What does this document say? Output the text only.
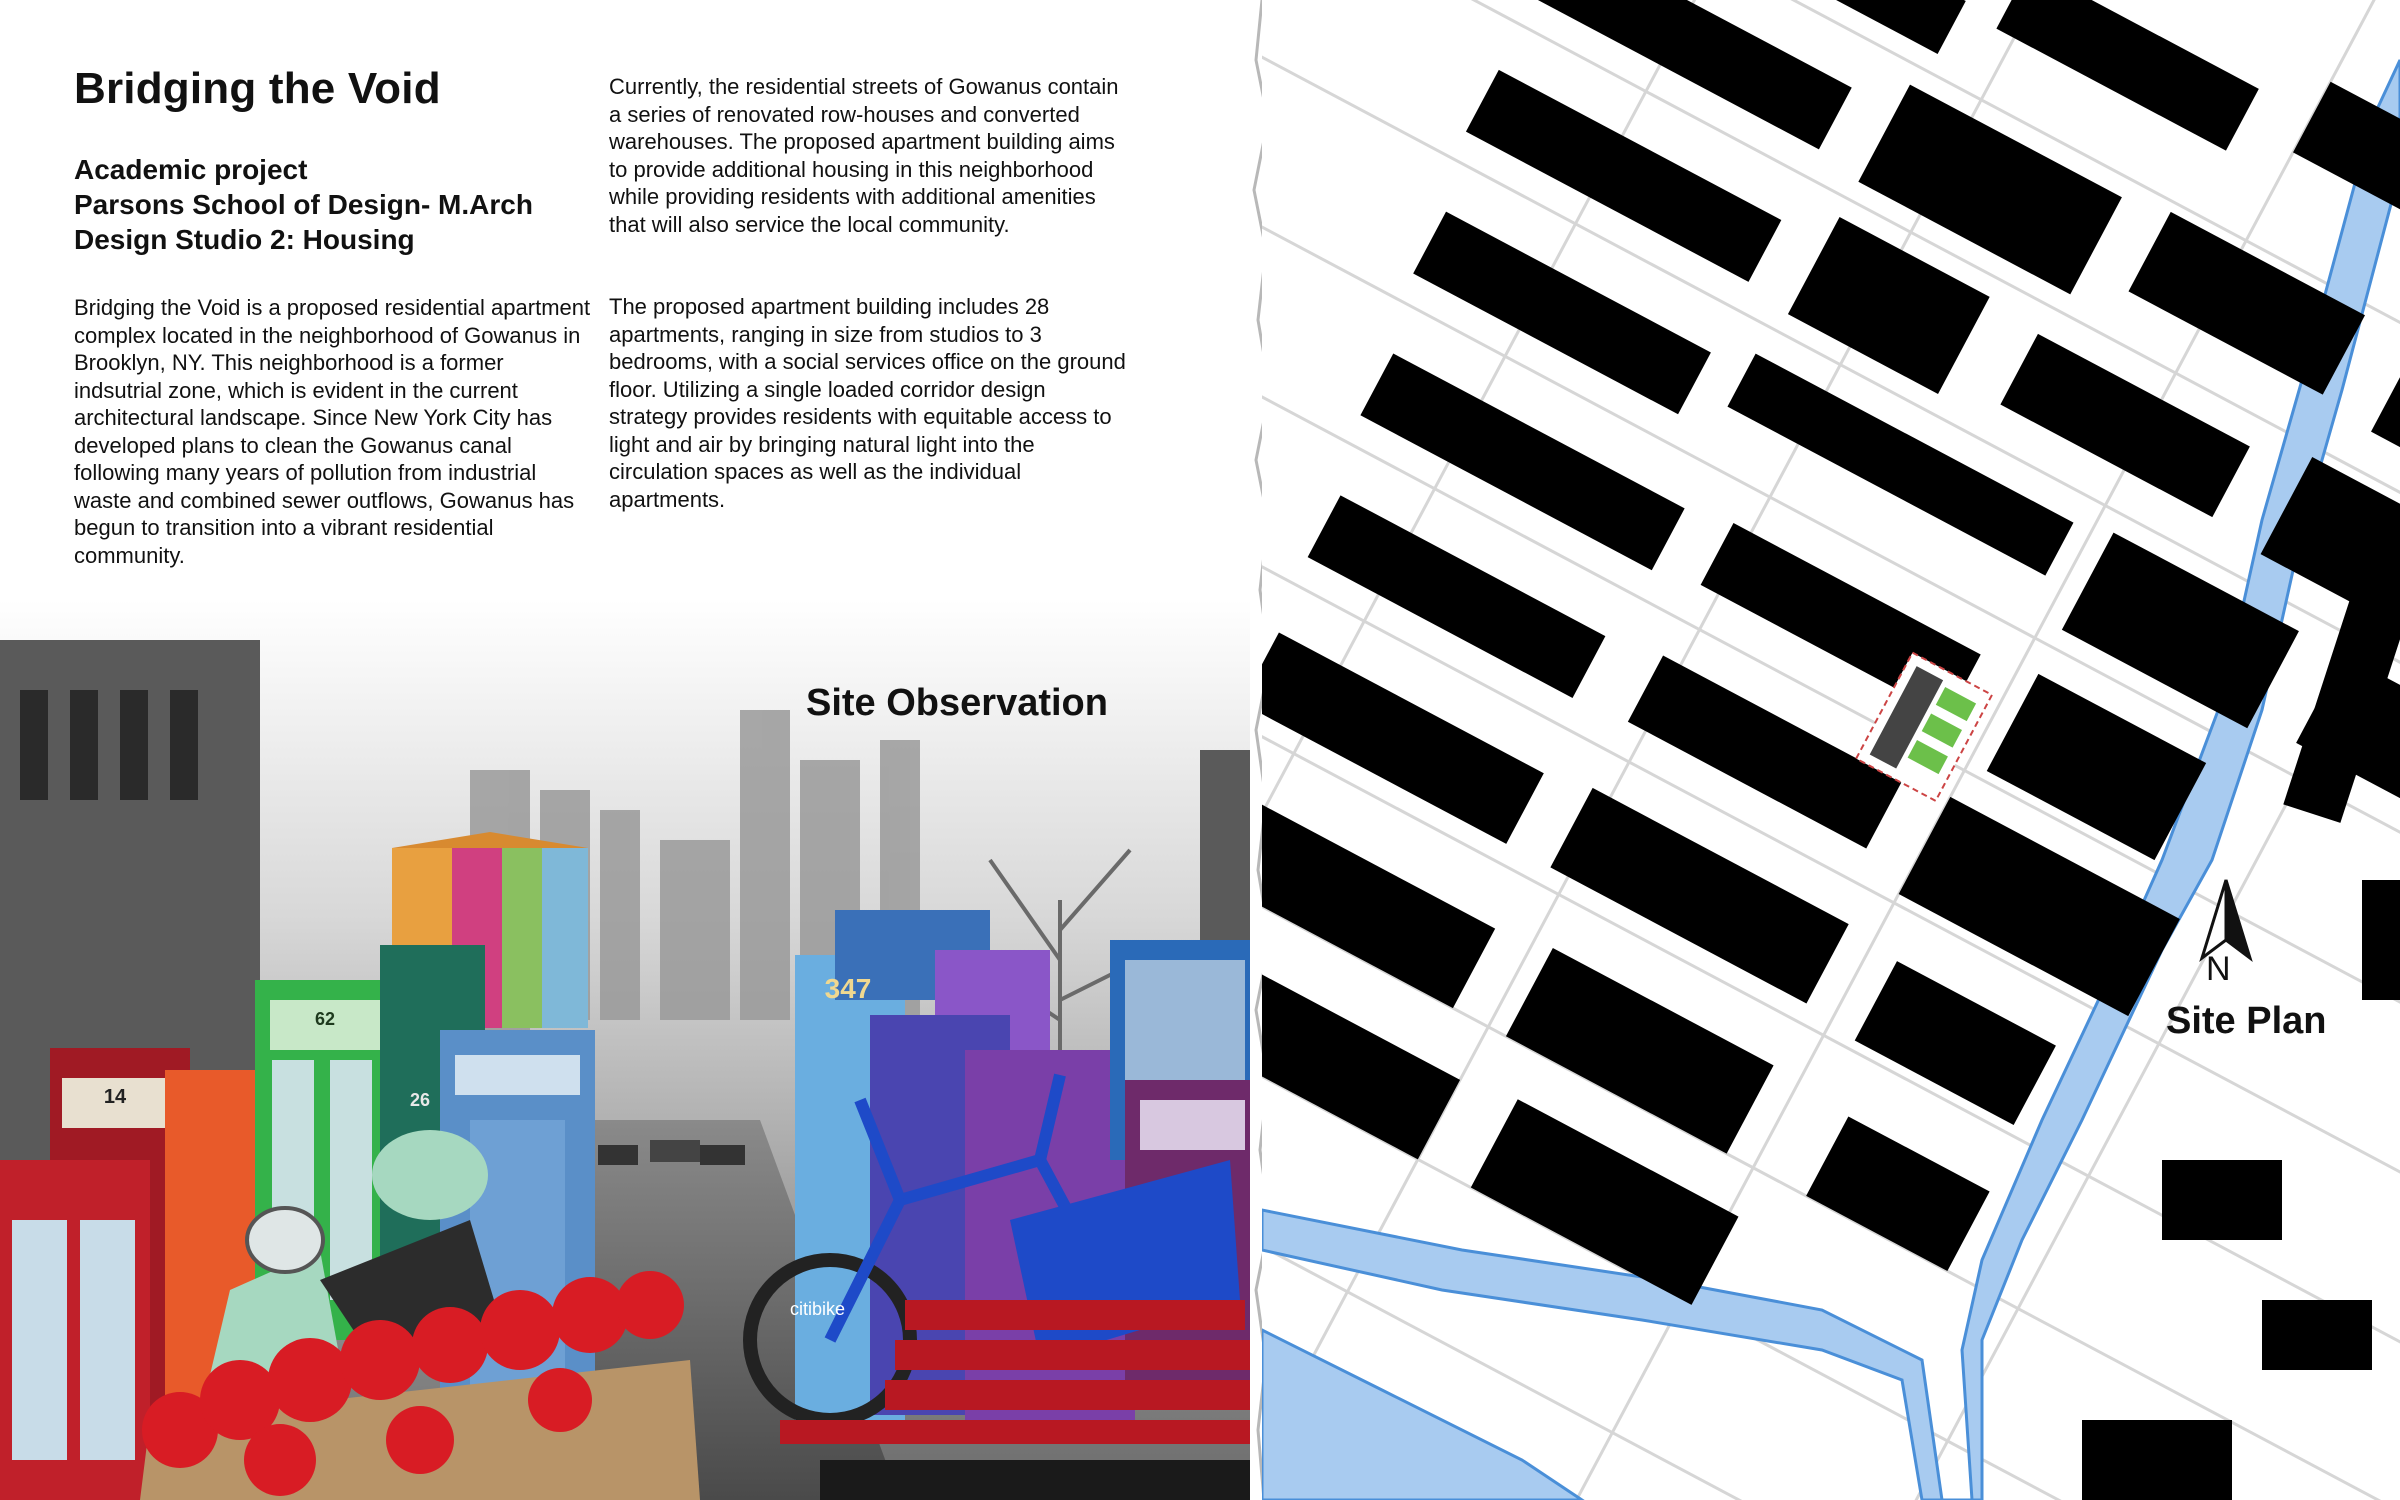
Bridging the Void
Academic project
Parsons School of Design- M.Arch
Design Studio 2: Housing

Bridging the Void is a proposed residential apartment complex located in the neighborhood of Gowanus in Brooklyn, NY. This neighborhood is a former indsutrial zone, which is evident in the current architectural landscape. Since New York City has developed plans to clean the Gowanus canal following many years of pollution from industrial waste and combined sewer outflows, Gowanus has begun to transition into a vibrant residential community.

Currently, the residential streets of Gowanus contain a series of renovated row-houses and converted warehouses. The proposed apartment building aims to provide additional housing in this neighborhood while providing residents with additional amenities that will also service the local community.

The proposed apartment building includes 28 apartments, ranging in size from studios to 3 bedrooms, with a social services office on the ground floor. Utilizing a single loaded corridor design strategy provides residents with equitable access to light and air by bringing natural light into the circulation spaces as well as the individual apartments.

14
62
26
347
citibike
Site Observation
N
Site Plan
